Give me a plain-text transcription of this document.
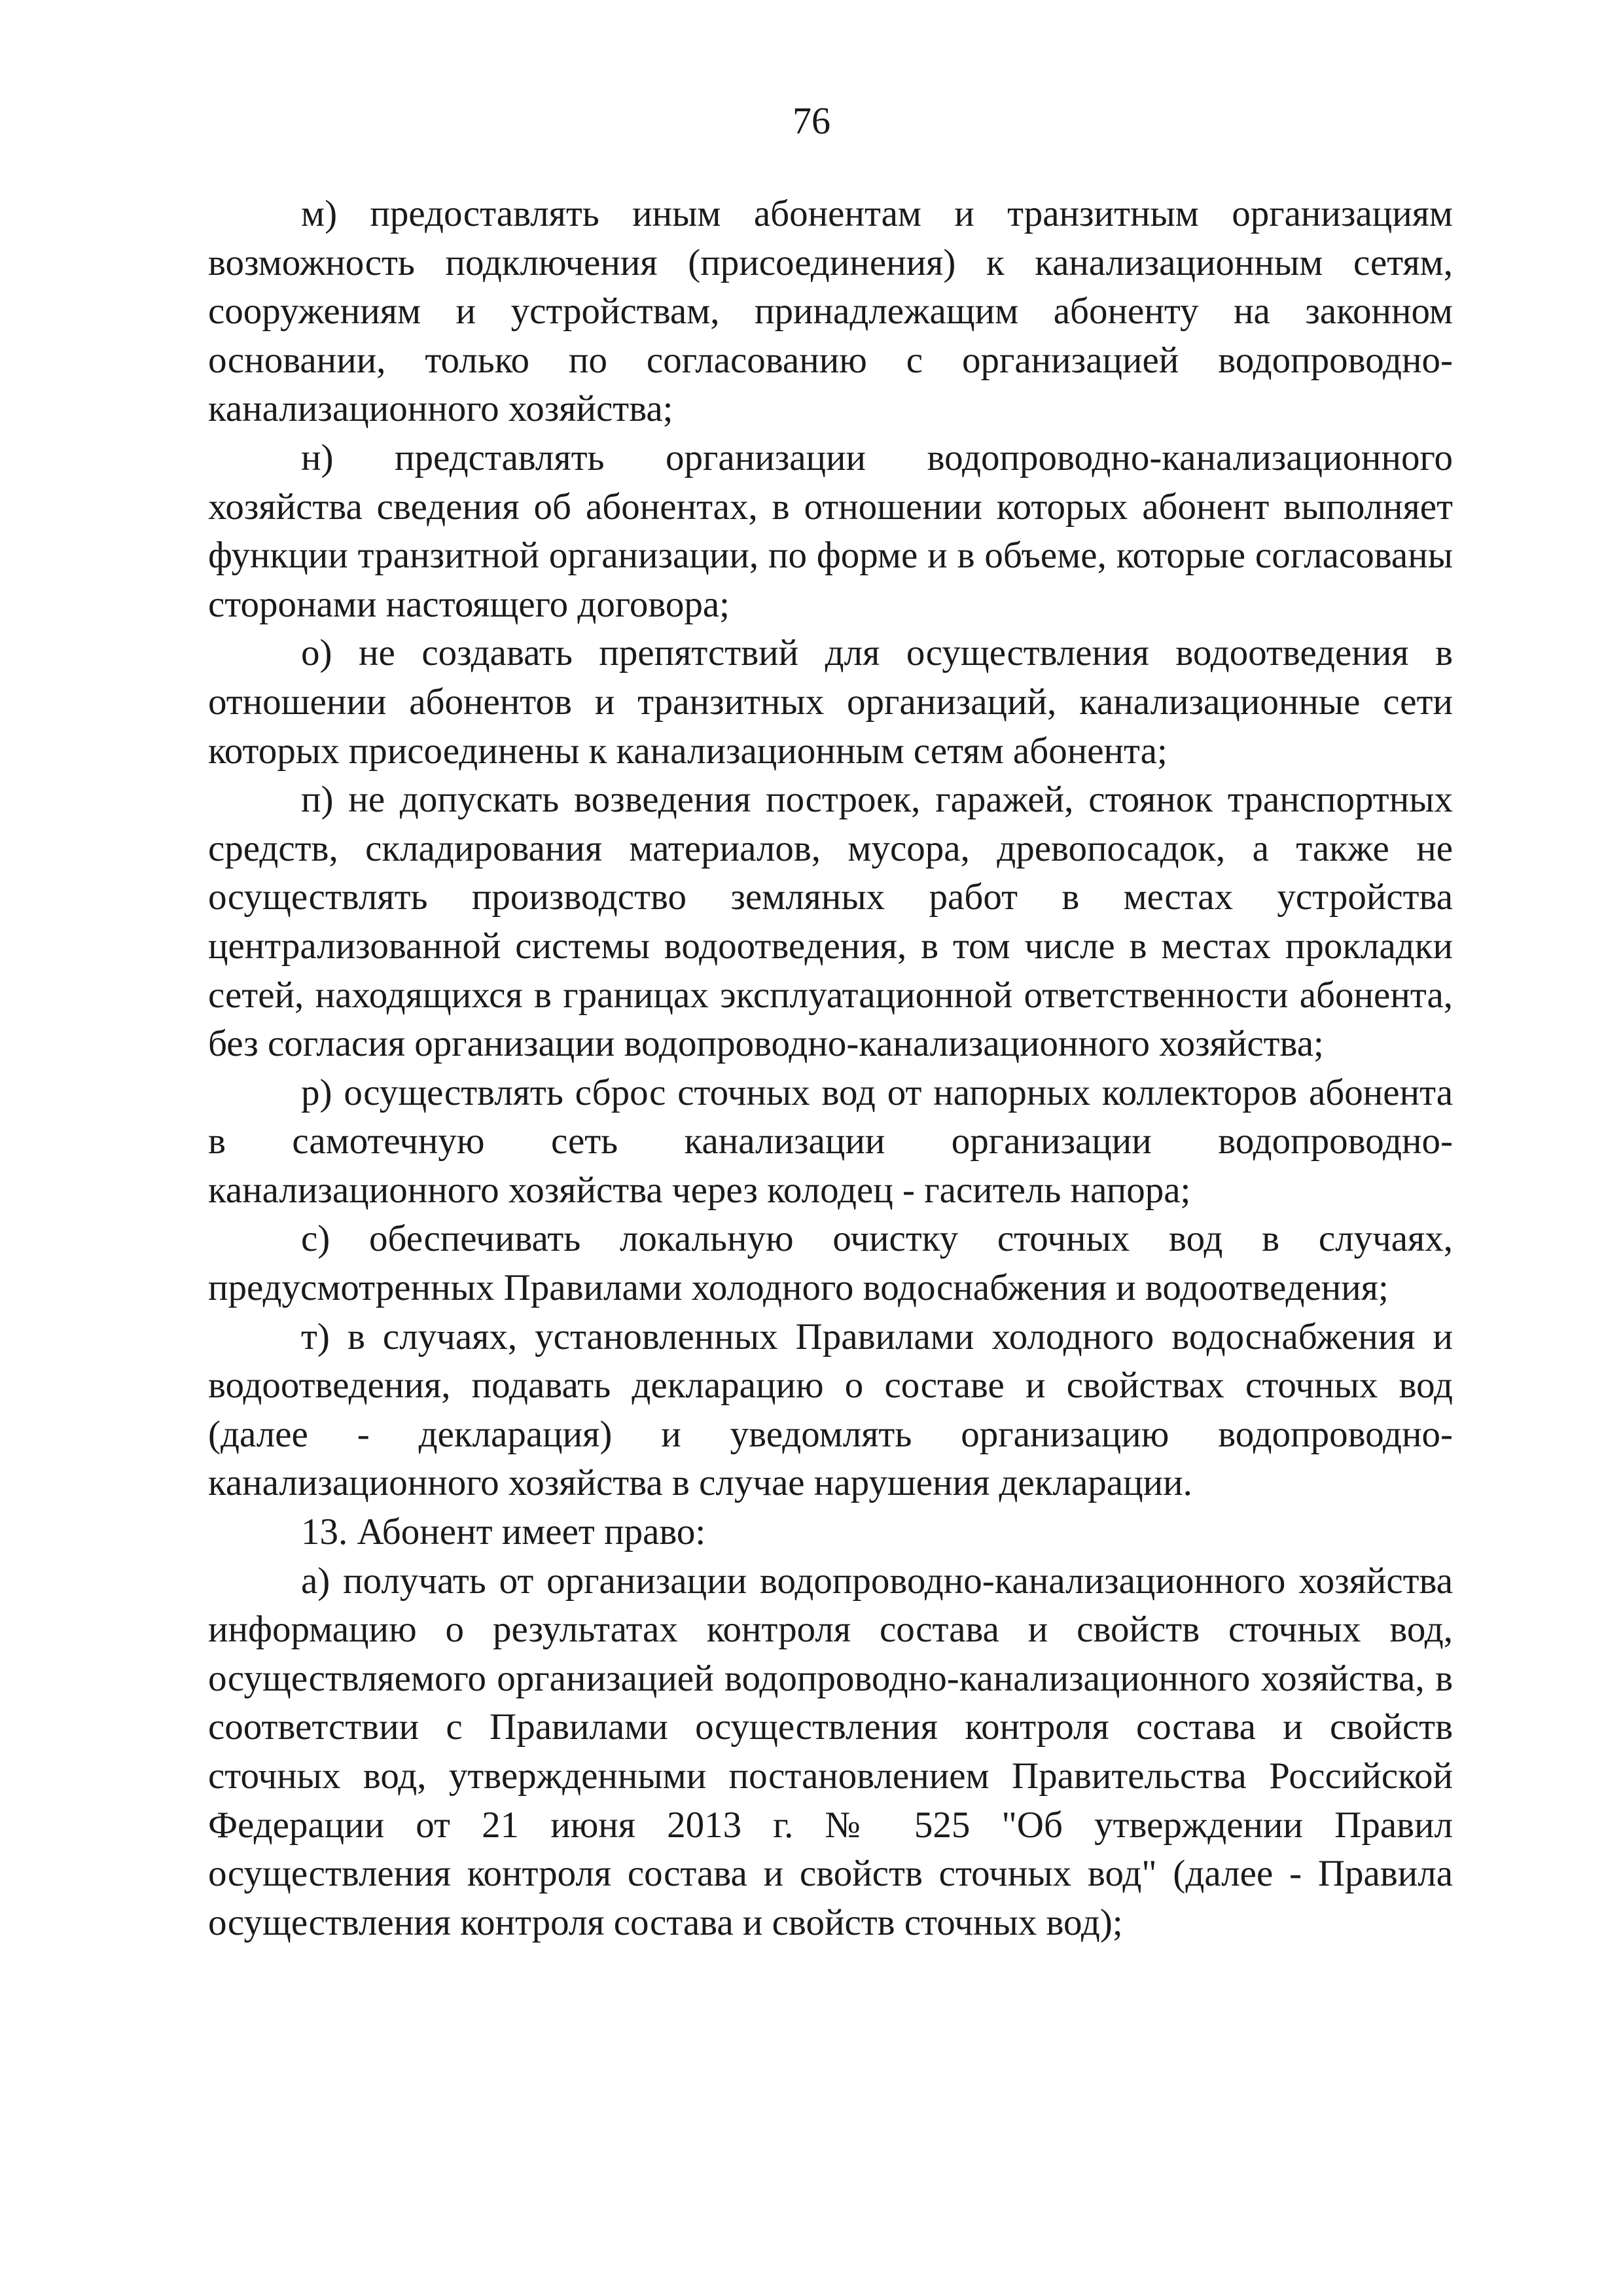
76

м) предоставлять иным абонентам и транзитным организациям возможность подключения (присоединения) к канализационным сетям, сооружениям и устройствам, принадлежащим абоненту на законном основании, только по согласованию с организацией водопроводно-канализационного хозяйства;

н) представлять организации водопроводно-канализационного хозяйства сведения об абонентах, в отношении которых абонент выполняет функции транзитной организации, по форме и в объеме, которые согласованы сторонами настоящего договора;

о) не создавать препятствий для осуществления водоотведения в отношении абонентов и транзитных организаций, канализационные сети которых присоединены к канализационным сетям абонента;

п) не допускать возведения построек, гаражей, стоянок транспортных средств, складирования материалов, мусора, древопосадок, а также не осуществлять производство земляных работ в местах устройства централизованной системы водоотведения, в том числе в местах прокладки сетей, находящихся в границах эксплуатационной ответственности абонента, без согласия организации водопроводно-канализационного хозяйства;

р) осуществлять сброс сточных вод от напорных коллекторов абонента в самотечную сеть канализации организации водопроводно-канализационного хозяйства через колодец - гаситель напора;

с) обеспечивать локальную очистку сточных вод в случаях, предусмотренных Правилами холодного водоснабжения и водоотведения;

т) в случаях, установленных Правилами холодного водоснабжения и водоотведения, подавать декларацию о составе и свойствах сточных вод (далее - декларация) и уведомлять организацию водопроводно-канализационного хозяйства в случае нарушения декларации.

13. Абонент имеет право:

а) получать от организации водопроводно-канализационного хозяйства информацию о результатах контроля состава и свойств сточных вод, осуществляемого организацией водопроводно-канализационного хозяйства, в соответствии с Правилами осуществления контроля состава и свойств сточных вод, утвержденными постановлением Правительства Российской Федерации от 21 июня 2013 г. № 525 "Об утверждении Правил осуществления контроля состава и свойств сточных вод" (далее - Правила осуществления контроля состава и свойств сточных вод);
